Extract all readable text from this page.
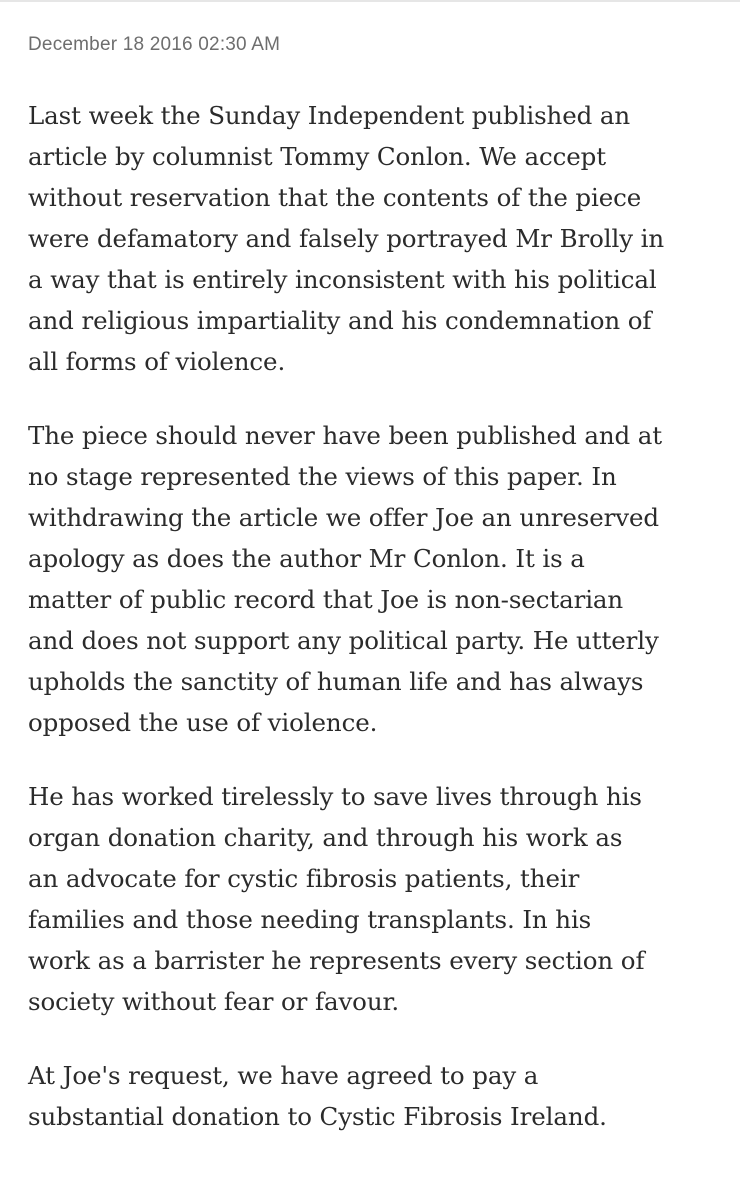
December 18 2016 02:30 AM

Last week the Sunday Independent published an
article by columnist Tommy Conlon. We accept
without reservation that the contents of the piece
were defamatory and falsely portrayed Mr Brolly in
a way that is entirely inconsistent with his political
and religious impartiality and his condemnation of
all forms of violence.

The piece should never have been published and at
no stage represented the views of this paper. In
withdrawing the article we offer Joe an unreserved
apology as does the author Mr Conlon. It is a
matter of public record that Joe is non-sectarian
and does not support any political party. He utterly
upholds the sanctity of human life and has always
opposed the use of violence.

He has worked tirelessly to save lives through his
organ donation charity, and through his work as
an advocate for cystic fibrosis patients, their
families and those needing transplants. In his
work as a barrister he represents every section of
society without fear or favour.

At Joe's request, we have agreed to pay a
substantial donation to Cystic Fibrosis Ireland.
